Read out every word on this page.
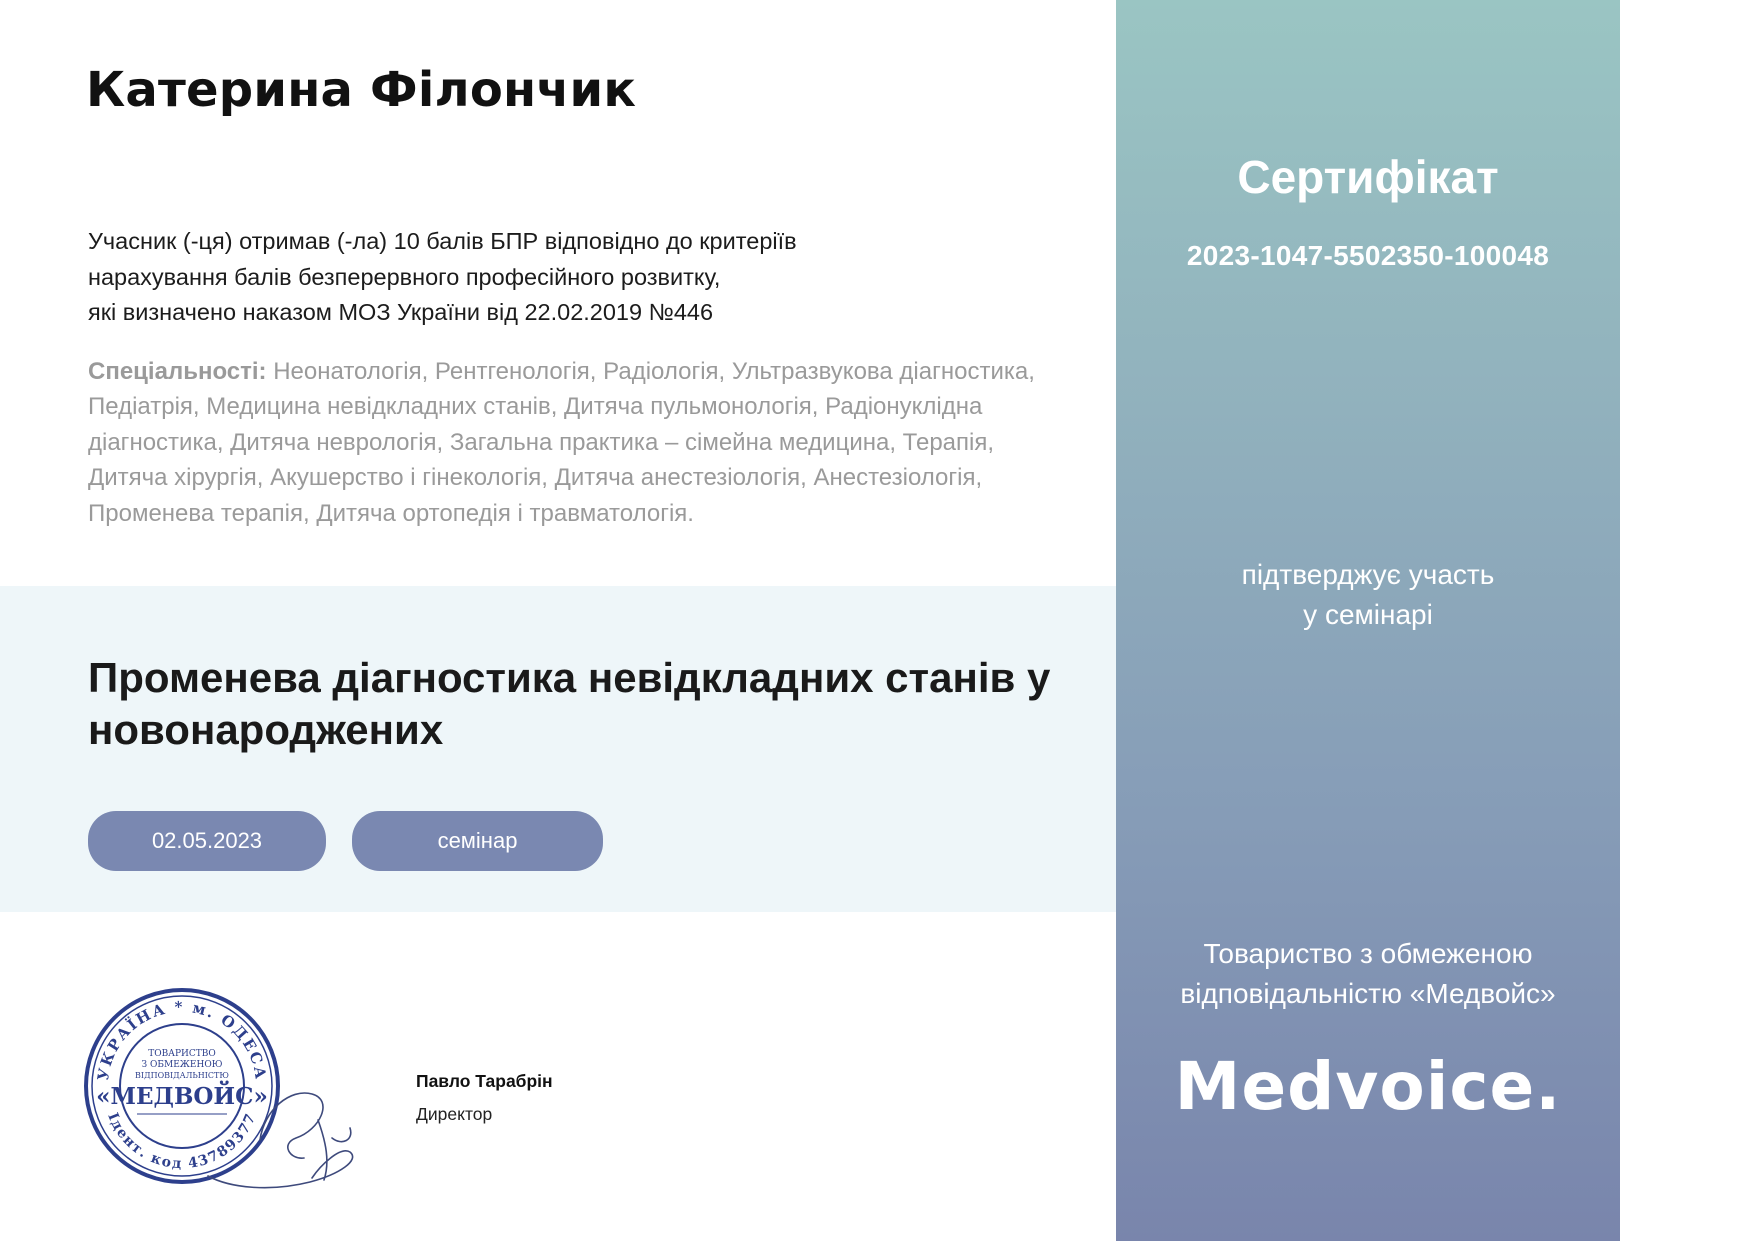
Катерина Філончик
Учасник (-ця) отримав (-ла) 10 балів БПР відповідно до критеріїв
нарахування балів безперервного професійного розвитку,
які визначено наказом МОЗ України від 22.02.2019 №446
Спеціальності: Неонатологія, Рентгенологія, Радіологія, Ультразвукова діагностика, Педіатрія, Медицина невідкладних станів, Дитяча пульмонологія, Радіонуклідна діагностика, Дитяча неврологія, Загальна практика – сімейна медицина, Терапія, Дитяча хірургія, Акушерство і гінекологія, Дитяча анестезіологія, Анестезіологія, Променева терапія, Дитяча ортопедія і травматологія.
Променева діагностика невідкладних станів у новонароджених
02.05.2023	семінар
УКРАЇНА * м. ОДЕСА
Ідент. код 43789377
ТОВАРИСТВО
З ОБМЕЖЕНОЮ
ВІДПОВІДАЛЬНІСТЮ
«МЕДВОЙС»
Павло Тарабрін
Директор
Сертифікат
2023-1047-5502350-100048
підтверджує участь
у семінарі
Товариство з обмеженою
відповідальністю «Медвойс»
Medvoice.
